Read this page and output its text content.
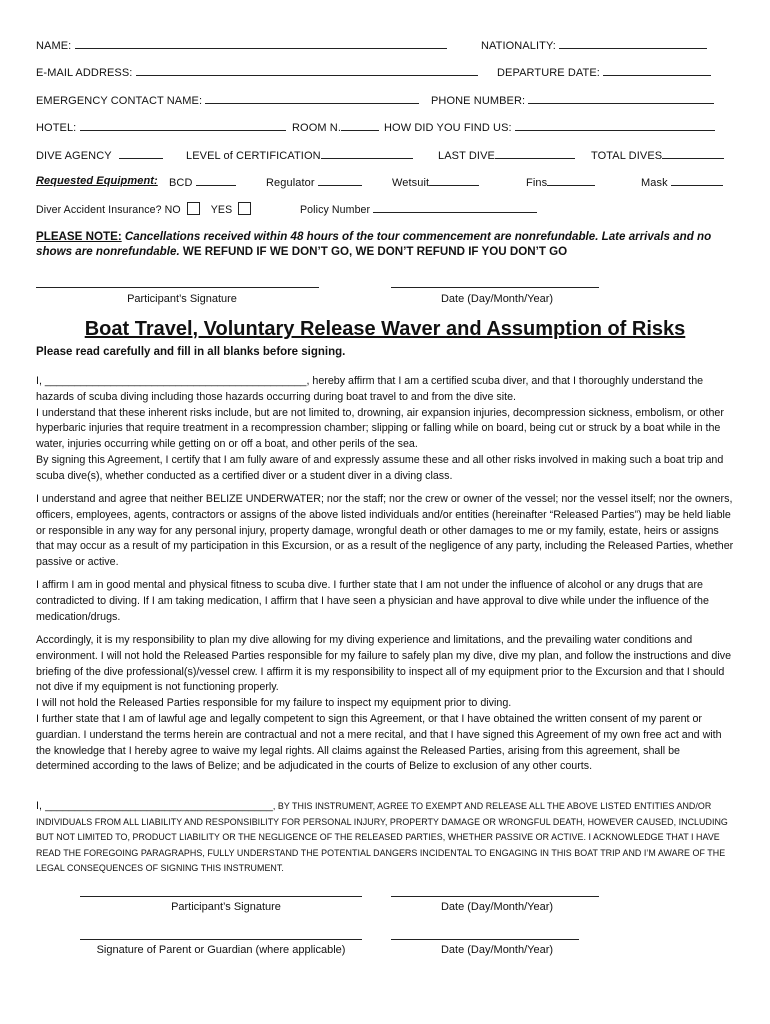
NAME:	NATIONALITY:
E-MAIL ADDRESS:	DEPARTURE DATE:
EMERGENCY CONTACT NAME:	PHONE NUMBER:
HOTEL:	ROOM N.	HOW DID YOU FIND US:
DIVE AGENCY	LEVEL of CERTIFICATION	LAST DIVE	TOTAL DIVES
Requested Equipment: BCD	Regulator	Wetsuit	Fins	Mask
Diver Accident Insurance? NO	YES	Policy Number
PLEASE NOTE: Cancellations received within 48 hours of the tour commencement are nonrefundable. Late arrivals and no shows are nonrefundable. WE REFUND IF WE DON’T GO, WE DON’T REFUND IF YOU DON’T GO
Participant’s Signature	Date (Day/Month/Year)
Boat Travel, Voluntary Release Waver and Assumption of Risks
Please read carefully and fill in all blanks before signing.
I, ____________________________________________, hereby affirm that I am a certified scuba diver, and that I thoroughly understand the hazards of scuba diving including those hazards occurring during boat travel to and from the dive site.
I understand that these inherent risks include, but are not limited to, drowning, air expansion injuries, decompression sickness, embolism, or other hyperbaric injuries that require treatment in a recompression chamber; slipping or falling while on board, being cut or struck by a boat while in the water, injuries occurring while getting on or off a boat, and other perils of the sea.
By signing this Agreement, I certify that I am fully aware of and expressly assume these and all other risks involved in making such a boat trip and scuba dive(s), whether conducted as a certified diver or a student diver in a diving class.
I understand and agree that neither BELIZE UNDERWATER; nor the staff; nor the crew or owner of the vessel; nor the vessel itself; nor the owners, officers, employees, agents, contractors or assigns of the above listed individuals and/or entities (hereinafter “Released Parties”) may be held liable or responsible in any way for any personal injury, property damage, wrongful death or other damages to me or my family, estate, heirs or assigns that may occur as a result of my participation in this Excursion, or as a result of the negligence of any party, including the Released Parties, whether passive or active.
I affirm I am in good mental and physical fitness to scuba dive. I further state that I am not under the influence of alcohol or any drugs that are contradicted to diving. If I am taking medication, I affirm that I have seen a physician and have approval to dive while under the influence of the medication/drugs.
Accordingly, it is my responsibility to plan my dive allowing for my diving experience and limitations, and the prevailing water conditions and environment. I will not hold the Released Parties responsible for my failure to safely plan my dive, dive my plan, and follow the instructions and dive briefing of the dive professional(s)/vessel crew. I affirm it is my responsibility to inspect all of my equipment prior to the Excursion and that I should not dive if my equipment is not functioning properly.
I will not hold the Released Parties responsible for my failure to inspect my equipment prior to diving.
I further state that I am of lawful age and legally competent to sign this Agreement, or that I have obtained the written consent of my parent or guardian. I understand the terms herein are contractual and not a mere recital, and that I have signed this Agreement of my own free act and with the knowledge that I hereby agree to waive my legal rights. All claims against the Released Parties, arising from this agreement, shall be determined according to the laws of Belize; and be adjudicated in the courts of Belize to exclusion of any other courts.
I, ______________________________________, BY THIS INSTRUMENT, AGREE TO EXEMPT AND RELEASE ALL THE ABOVE LISTED ENTITIES AND/OR INDIVIDUALS FROM ALL LIABILITY AND RESPONSIBILITY FOR PERSONAL INJURY, PROPERTY DAMAGE OR WRONGFUL DEATH, HOWEVER CAUSED, INCLUDING BUT NOT LIMITED TO, PRODUCT LIABILITY OR THE NEGLIGENCE OF THE RELEASED PARTIES, WHETHER PASSIVE OR ACTIVE. I ACKNOWLEDGE THAT I HAVE READ THE FOREGOING PARAGRAPHS, FULLY UNDERSTAND THE POTENTIAL DANGERS INCIDENTAL TO ENGAGING IN THIS BOAT TRIP AND I’M AWARE OF THE LEGAL CONSEQUENCES OF SIGNING THIS INSTRUMENT.
Participant’s Signature	Date (Day/Month/Year)
Signature of Parent or Guardian (where applicable)	Date (Day/Month/Year)
